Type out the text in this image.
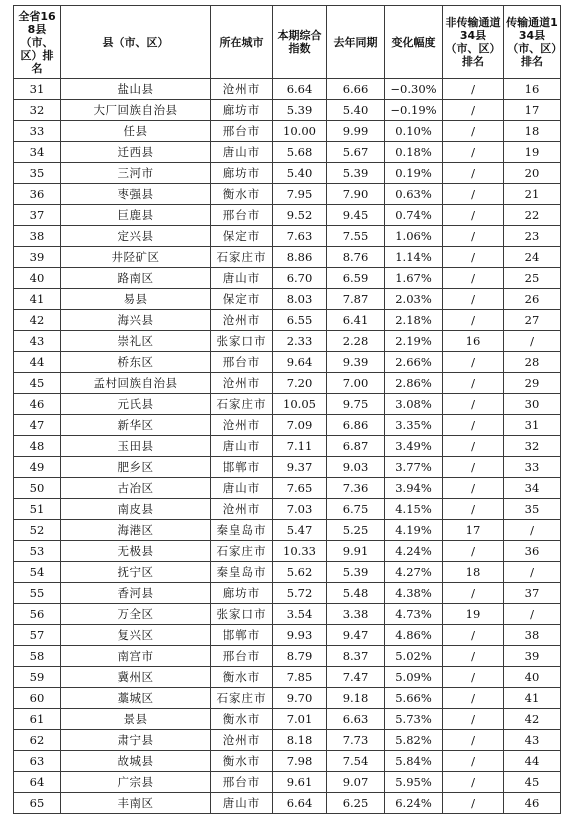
全省168县（市、区）排名	县（市、区）	所在城市	本期综合指数	去年同期	变化幅度	非传输通道34县（市、区）排名	传输通道134县（市、区）排名
31	盐山县	沧州市	6.64	6.66	−0.30%	/	16
32	大厂回族自治县	廊坊市	5.39	5.40	−0.19%	/	17
33	任县	邢台市	10.00	9.99	0.10%	/	18
34	迁西县	唐山市	5.68	5.67	0.18%	/	19
35	三河市	廊坊市	5.40	5.39	0.19%	/	20
36	枣强县	衡水市	7.95	7.90	0.63%	/	21
37	巨鹿县	邢台市	9.52	9.45	0.74%	/	22
38	定兴县	保定市	7.63	7.55	1.06%	/	23
39	井陉矿区	石家庄市	8.86	8.76	1.14%	/	24
40	路南区	唐山市	6.70	6.59	1.67%	/	25
41	易县	保定市	8.03	7.87	2.03%	/	26
42	海兴县	沧州市	6.55	6.41	2.18%	/	27
43	崇礼区	张家口市	2.33	2.28	2.19%	16	/
44	桥东区	邢台市	9.64	9.39	2.66%	/	28
45	孟村回族自治县	沧州市	7.20	7.00	2.86%	/	29
46	元氏县	石家庄市	10.05	9.75	3.08%	/	30
47	新华区	沧州市	7.09	6.86	3.35%	/	31
48	玉田县	唐山市	7.11	6.87	3.49%	/	32
49	肥乡区	邯郸市	9.37	9.03	3.77%	/	33
50	古冶区	唐山市	7.65	7.36	3.94%	/	34
51	南皮县	沧州市	7.03	6.75	4.15%	/	35
52	海港区	秦皇岛市	5.47	5.25	4.19%	17	/
53	无极县	石家庄市	10.33	9.91	4.24%	/	36
54	抚宁区	秦皇岛市	5.62	5.39	4.27%	18	/
55	香河县	廊坊市	5.72	5.48	4.38%	/	37
56	万全区	张家口市	3.54	3.38	4.73%	19	/
57	复兴区	邯郸市	9.93	9.47	4.86%	/	38
58	南宫市	邢台市	8.79	8.37	5.02%	/	39
59	冀州区	衡水市	7.85	7.47	5.09%	/	40
60	藁城区	石家庄市	9.70	9.18	5.66%	/	41
61	景县	衡水市	7.01	6.63	5.73%	/	42
62	肃宁县	沧州市	8.18	7.73	5.82%	/	43
63	故城县	衡水市	7.98	7.54	5.84%	/	44
64	广宗县	邢台市	9.61	9.07	5.95%	/	45
65	丰南区	唐山市	6.64	6.25	6.24%	/	46
